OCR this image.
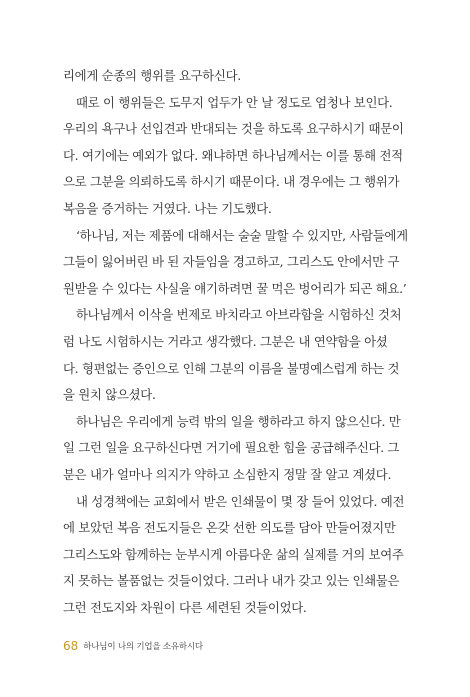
리에게 순종의 행위를 요구하신다.
때로 이 행위들은 도무지 업두가 안 날 정도로 엄청나 보인다.
우리의 욕구나 선입견과 반대되는 것을 하도록 요구하시기 때문이
다. 여기에는 예외가 없다. 왜냐하면 하나님께서는 이를 통해 전적
으로 그분을 의뢰하도록 하시기 때문이다. 내 경우에는 그 행위가
복음을 증거하는 거였다. 나는 기도했다.
‘하나님, 저는 제품에 대해서는 술술 말할 수 있지만, 사람들에게
그들이 잃어버린 바 된 자들임을 경고하고, 그리스도 안에서만 구
원받을 수 있다는 사실을 얘기하려면 꿀 먹은 벙어리가 되곤 해요.’
하나님께서 이삭을 번제로 바치라고 아브라함을 시험하신 것처
럼 나도 시험하시는 거라고 생각했다. 그분은 내 연약함을 아셨
다. 형편없는 증인으로 인해 그분의 이름을 불명예스럽게 하는 것
을 원치 않으셨다.
하나님은 우리에게 능력 밖의 일을 행하라고 하지 않으신다. 만
일 그런 일을 요구하신다면 거기에 필요한 힘을 공급해주신다. 그
분은 내가 얼마나 의지가 약하고 소심한지 정말 잘 알고 계셨다.
내 성경책에는 교회에서 받은 인쇄물이 몇 장 들어 있었다. 예전
에 보았던 복음 전도지들은 온갖 선한 의도를 담아 만들어졌지만
그리스도와 함께하는 눈부시게 아름다운 삶의 실제를 거의 보여주
지 못하는 볼품없는 것들이었다. 그러나 내가 갖고 있는 인쇄물은
그런 전도지와 차원이 다른 세련된 것들이었다.
68 하나님이 나의 기업을 소유하시다
